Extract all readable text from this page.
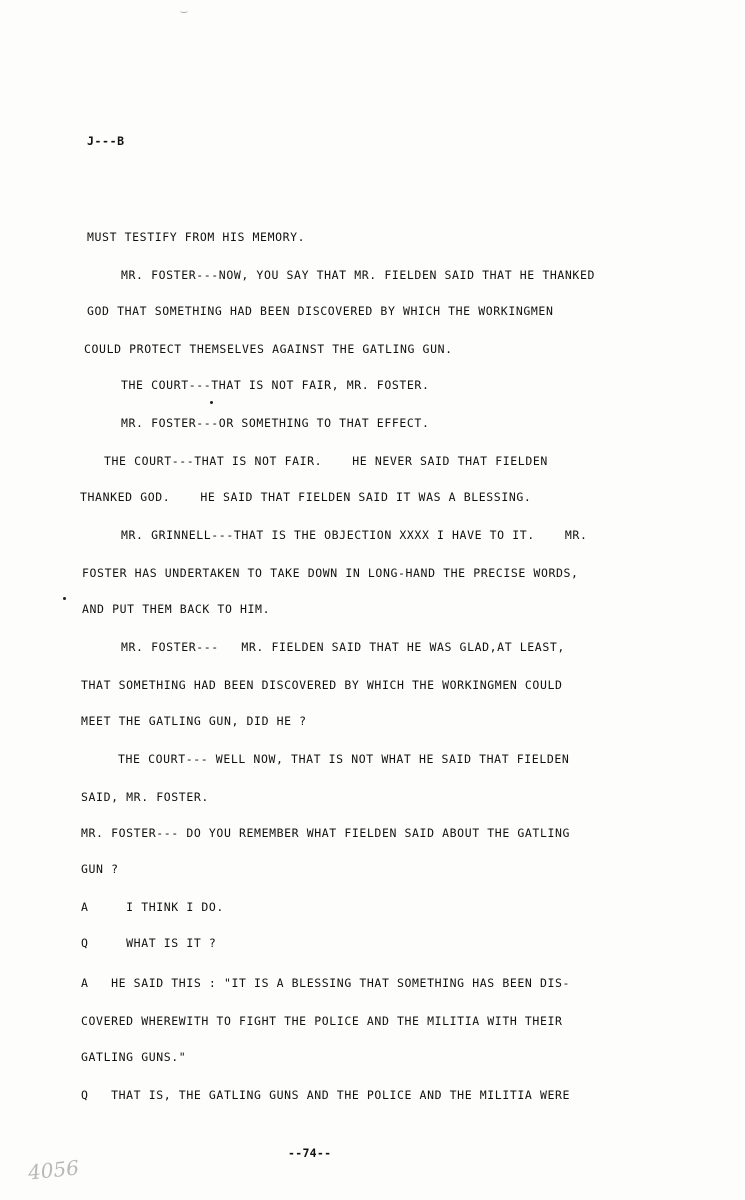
J---B
MUST TESTIFY FROM HIS MEMORY.
MR. FOSTER---NOW, YOU SAY THAT MR. FIELDEN SAID THAT HE THANKED
GOD THAT SOMETHING HAD BEEN DISCOVERED BY WHICH THE WORKINGMEN
COULD PROTECT THEMSELVES AGAINST THE GATLING GUN.
THE COURT---THAT IS NOT FAIR, MR. FOSTER.
MR. FOSTER---OR SOMETHING TO THAT EFFECT.
THE COURT---THAT IS NOT FAIR.    HE NEVER SAID THAT FIELDEN
THANKED GOD.    HE SAID THAT FIELDEN SAID IT WAS A BLESSING.
MR. GRINNELL---THAT IS THE OBJECTION XXXX I HAVE TO IT.    MR.
FOSTER HAS UNDERTAKEN TO TAKE DOWN IN LONG-HAND THE PRECISE WORDS,
AND PUT THEM BACK TO HIM.
MR. FOSTER---   MR. FIELDEN SAID THAT HE WAS GLAD,AT LEAST,
THAT SOMETHING HAD BEEN DISCOVERED BY WHICH THE WORKINGMEN COULD
MEET THE GATLING GUN, DID HE ?
THE COURT--- WELL NOW, THAT IS NOT WHAT HE SAID THAT FIELDEN
SAID, MR. FOSTER.
MR. FOSTER--- DO YOU REMEMBER WHAT FIELDEN SAID ABOUT THE GATLING
GUN ?
A     I THINK I DO.
Q     WHAT IS IT ?
A   HE SAID THIS : "IT IS A BLESSING THAT SOMETHING HAS BEEN DIS-
COVERED WHEREWITH TO FIGHT THE POLICE AND THE MILITIA WITH THEIR
GATLING GUNS."
Q   THAT IS, THE GATLING GUNS AND THE POLICE AND THE MILITIA WERE
--74--
4056
